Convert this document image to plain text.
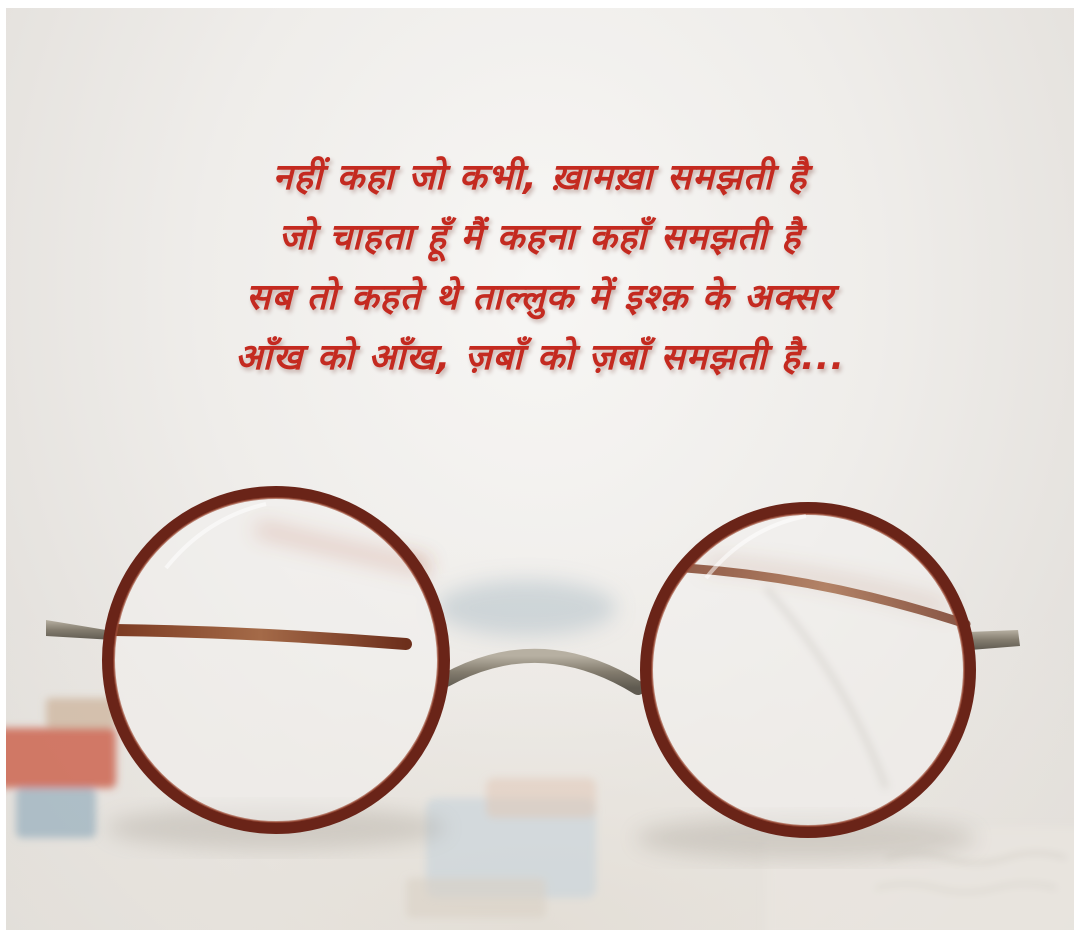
नहीं कहा जो कभी, ख़ामख़ा समझती है
जो चाहता हूँ मैं कहना कहाँ समझती है
सब तो कहते थे ताल्लुक में इश्क़ के अक्सर
आँख को आँख, ज़बाँ को ज़बाँ समझती है...
